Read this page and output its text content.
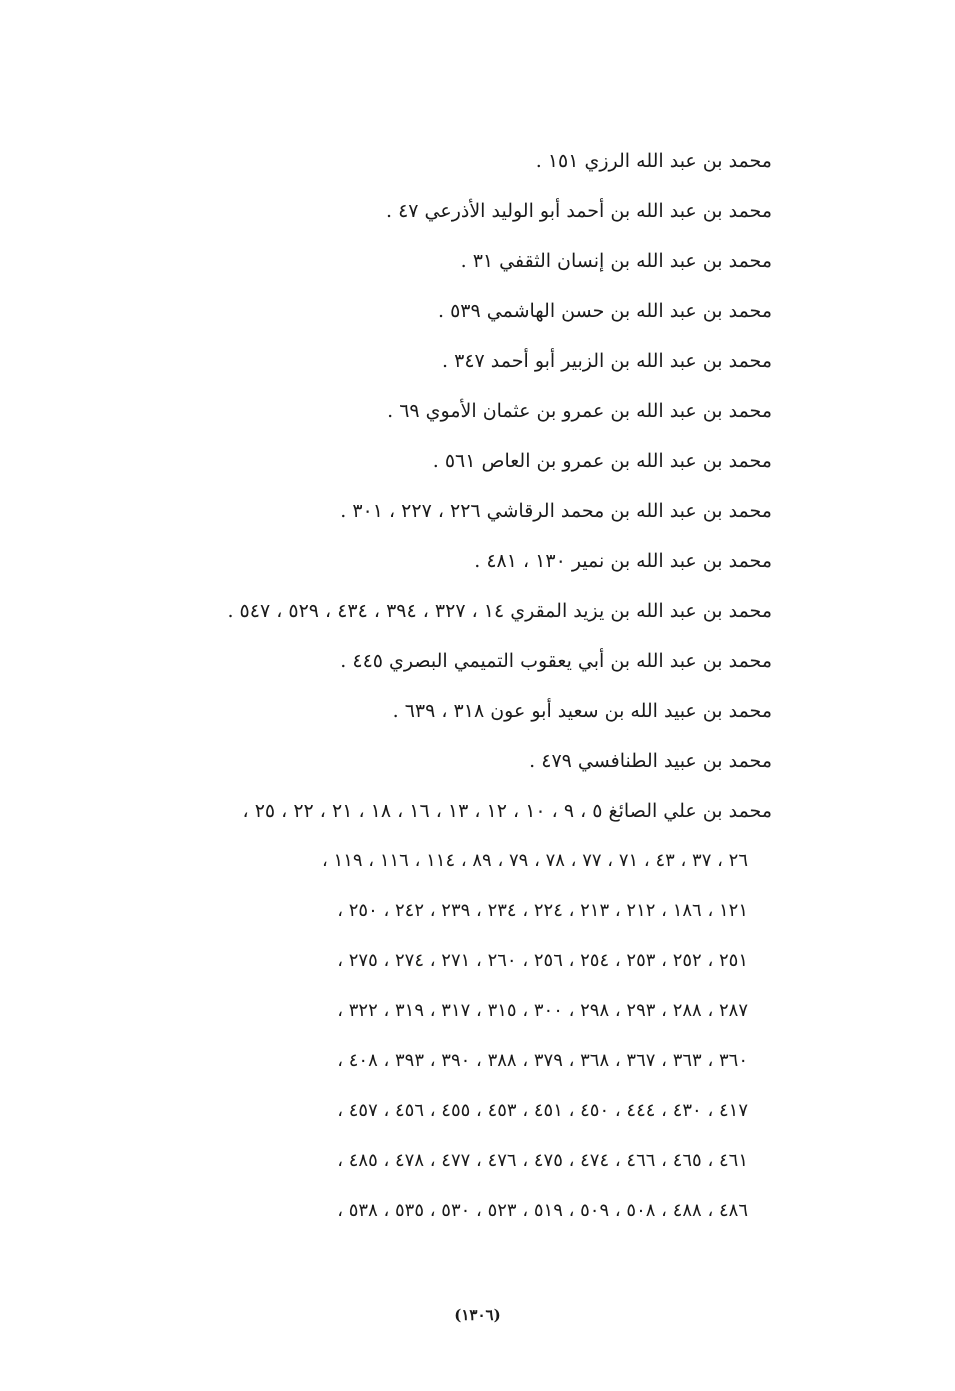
محمد بن عبد الله الرزي ١٥١ .
محمد بن عبد الله بن أحمد أبو الوليد الأذرعي ٤٧ .
محمد بن عبد الله بن إنسان الثقفي ٣١ .
محمد بن عبد الله بن حسن الهاشمي ٥٣٩ .
محمد بن عبد الله بن الزبير أبو أحمد ٣٤٧ .
محمد بن عبد الله بن عمرو بن عثمان الأموي ٦٩ .
محمد بن عبد الله بن عمرو بن العاص ٥٦١ .
محمد بن عبد الله بن محمد الرقاشي ٢٢٦ ، ٢٢٧ ، ٣٠١ .
محمد بن عبد الله بن نمير ١٣٠ ، ٤٨١ .
محمد بن عبد الله بن يزيد المقري ١٤ ، ٣٢٧ ، ٣٩٤ ، ٤٣٤ ، ٥٢٩ ، ٥٤٧ .
محمد بن عبد الله بن أبي يعقوب التميمي البصري ٤٤٥ .
محمد بن عبيد الله بن سعيد أبو عون ٣١٨ ، ٦٣٩ .
محمد بن عبيد الطنافسي ٤٧٩ .
محمد بن علي الصائغ ٥ ، ٩ ، ١٠ ، ١٢ ، ١٣ ، ١٦ ، ١٨ ، ٢١ ، ٢٢ ، ٢٥ ،
٢٦ ، ٣٧ ، ٤٣ ، ٧١ ، ٧٧ ، ٧٨ ، ٧٩ ، ٨٩ ، ١١٤ ، ١١٦ ، ١١٩ ،
١٢١ ، ١٨٦ ، ٢١٢ ، ٢١٣ ، ٢٢٤ ، ٢٣٤ ، ٢٣٩ ، ٢٤٢ ، ٢٥٠ ،
٢٥١ ، ٢٥٢ ، ٢٥٣ ، ٢٥٤ ، ٢٥٦ ، ٢٦٠ ، ٢٧١ ، ٢٧٤ ، ٢٧٥ ،
٢٨٧ ، ٢٨٨ ، ٢٩٣ ، ٢٩٨ ، ٣٠٠ ، ٣١٥ ، ٣١٧ ، ٣١٩ ، ٣٢٢ ،
٣٦٠ ، ٣٦٣ ، ٣٦٧ ، ٣٦٨ ، ٣٧٩ ، ٣٨٨ ، ٣٩٠ ، ٣٩٣ ، ٤٠٨ ،
٤١٧ ، ٤٣٠ ، ٤٤٤ ، ٤٥٠ ، ٤٥١ ، ٤٥٣ ، ٤٥٥ ، ٤٥٦ ، ٤٥٧ ،
٤٦١ ، ٤٦٥ ، ٤٦٦ ، ٤٧٤ ، ٤٧٥ ، ٤٧٦ ، ٤٧٧ ، ٤٧٨ ، ٤٨٥ ،
٤٨٦ ، ٤٨٨ ، ٥٠٨ ، ٥٠٩ ، ٥١٩ ، ٥٢٣ ، ٥٣٠ ، ٥٣٥ ، ٥٣٨ ،
(١٣٠٦)
